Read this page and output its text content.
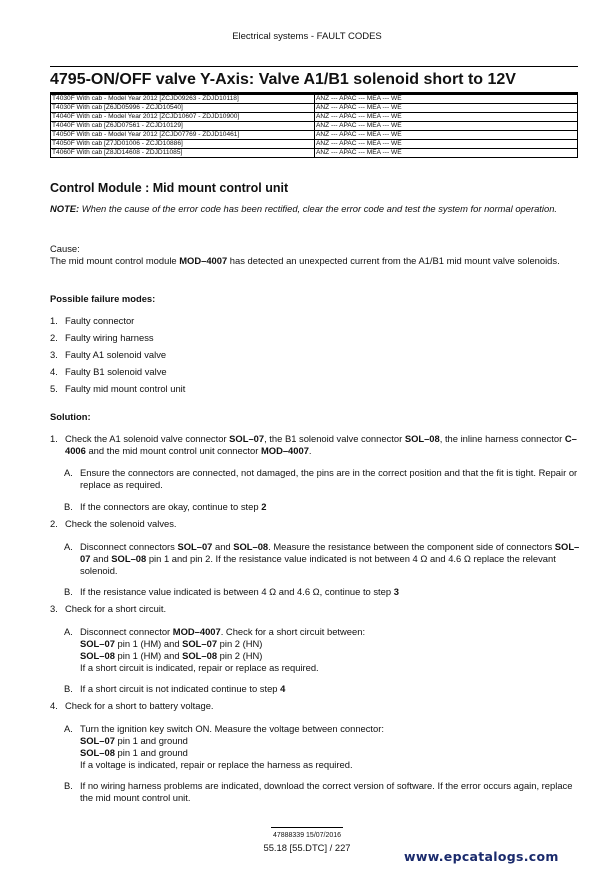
Electrical systems - FAULT CODES
4795-ON/OFF valve Y-Axis: Valve A1/B1 solenoid short to 12V
T4030F With cab - Model Year 2012 [ZCJD09263 - ZDJD10118]	ANZ --- APAC --- MEA --- WE
T4030F With cab [Z6JD05996 - ZCJD10540]	ANZ --- APAC --- MEA --- WE
T4040F With cab - Model Year 2012 [ZCJD10607 - ZDJD10900]	ANZ --- APAC --- MEA --- WE
T4040F With cab [Z6JD07561 - ZCJD10129]	ANZ --- APAC --- MEA --- WE
T4050F With cab - Model Year 2012 [ZCJD07769 - ZDJD10461]	ANZ --- APAC --- MEA --- WE
T4050F With cab [Z7JD01006 - ZCJD10886]	ANZ --- APAC --- MEA --- WE
T4060F With cab [Z8JD14608 - ZDJD11085]	ANZ --- APAC --- MEA --- WE
Control Module : Mid mount control unit
NOTE: When the cause of the error code has been rectified, clear the error code and test the system for normal operation.
Cause:
The mid mount control module MOD–4007 has detected an unexpected current from the A1/B1 mid mount valve solenoids.
Possible failure modes:
1. Faulty connector
2. Faulty wiring harness
3. Faulty A1 solenoid valve
4. Faulty B1 solenoid valve
5. Faulty mid mount control unit
Solution:
1. Check the A1 solenoid valve connector SOL–07, the B1 solenoid valve connector SOL–08, the inline harness connector C–4006 and the mid mount control unit connector MOD–4007.
A. Ensure the connectors are connected, not damaged, the pins are in the correct position and that the fit is tight. Repair or replace as required.
B. If the connectors are okay, continue to step 2
2. Check the solenoid valves.
A. Disconnect connectors SOL–07 and SOL–08. Measure the resistance between the component side of connectors SOL–07 and SOL–08 pin 1 and pin 2. If the resistance value indicated is not between 4 Ω and 4.6 Ω replace the relevant solenoid.
B. If the resistance value indicated is between 4 Ω and 4.6 Ω, continue to step 3
3. Check for a short circuit.
A. Disconnect connector MOD–4007. Check for a short circuit between:
SOL–07 pin 1 (HM) and SOL–07 pin 2 (HN)
SOL–08 pin 1 (HM) and SOL–08 pin 2 (HN)
If a short circuit is indicated, repair or replace as required.
B. If a short circuit is not indicated continue to step 4
4. Check for a short to battery voltage.
A. Turn the ignition key switch ON. Measure the voltage between connector:
SOL–07 pin 1 and ground
SOL–08 pin 1 and ground
If a voltage is indicated, repair or replace the harness as required.
B. If no wiring harness problems are indicated, download the correct version of software. If the error occurs again, replace the mid mount control unit.
47888339 15/07/2016
55.18 [55.DTC] / 227
www.epcatalogs.com
